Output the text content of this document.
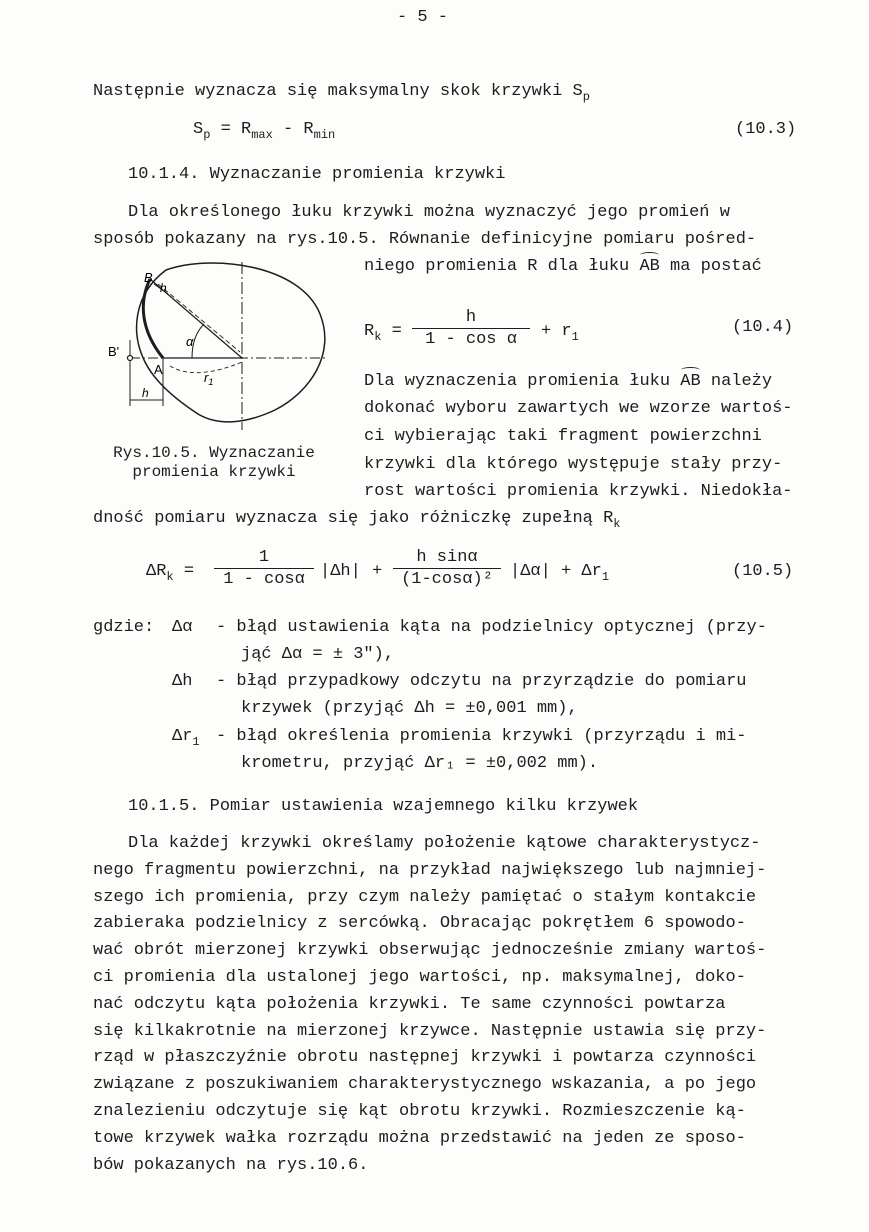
- 5 -
Następnie wyznacza się maksymalny skok krzywki $S_p$
$S_p = R_{max} - R_{min}$	(10.3)
10.1.4. Wyznaczanie promienia krzywki
Dla określonego łuku krzywki można wyznaczyć jego promień w
sposób pokazany na rys.10.5. Równanie definicyjne pomiaru pośred-
niego promienia R dla łuku AB ma postać
$R_k = \frac{h}{\text{1 - cos α}} + r_1$	(10.4)
B
h
B'
A
α
$r_1$
h
Rys.10.5. Wyznaczanie
promienia krzywki
Dla wyznaczenia promienia łuku AB należy
dokonać wyboru zawartych we wzorze wartoś-
ci wybierając taki fragment powierzchni
krzywki dla którego występuje stały przy-
rost wartości promienia krzywki. Niedokła-
dność pomiaru wyznacza się jako różniczkę zupełną $R_k$
$\Delta R_k = \frac{1}{1 - \cos\alpha} |\Delta h| + \frac{\text{h sinα}}{\text{(1-cosα)²}} |\Delta\alpha| + \Delta r_1$	(10.5)
gdzie: Δα - błąd ustawienia kąta na podzielnicy optycznej (przy-
jąć Δα = ± 3"),
Δh - błąd przypadkowy odczytu na przyrządzie do pomiaru
krzywek (przyjąć Δh = ±0,001 mm),
$\Delta r_1$ - błąd określenia promienia krzywki (przyrządu i mi-
krometru, przyjąć Δr₁ = ±0,002 mm).
10.1.5. Pomiar ustawienia wzajemnego kilku krzywek
Dla każdej krzywki określamy położenie kątowe charakterystycz-
nego fragmentu powierzchni, na przykład największego lub najmniej-
szego ich promienia, przy czym należy pamiętać o stałym kontakcie
zabieraka podzielnicy z sercówką. Obracając pokrętłem 6 spowodo-
wać obrót mierzonej krzywki obserwując jednocześnie zmiany wartoś-
ci promienia dla ustalonej jego wartości, np. maksymalnej, doko-
nać odczytu kąta położenia krzywki. Te same czynności powtarza
się kilkakrotnie na mierzonej krzywce. Następnie ustawia się przy-
rząd w płaszczyźnie obrotu następnej krzywki i powtarza czynności
związane z poszukiwaniem charakterystycznego wskazania, a po jego
znalezieniu odczytuje się kąt obrotu krzywki. Rozmieszczenie ką-
towe krzywek wałka rozrządu można przedstawić na jeden ze sposo-
bów pokazanych na rys.10.6.
